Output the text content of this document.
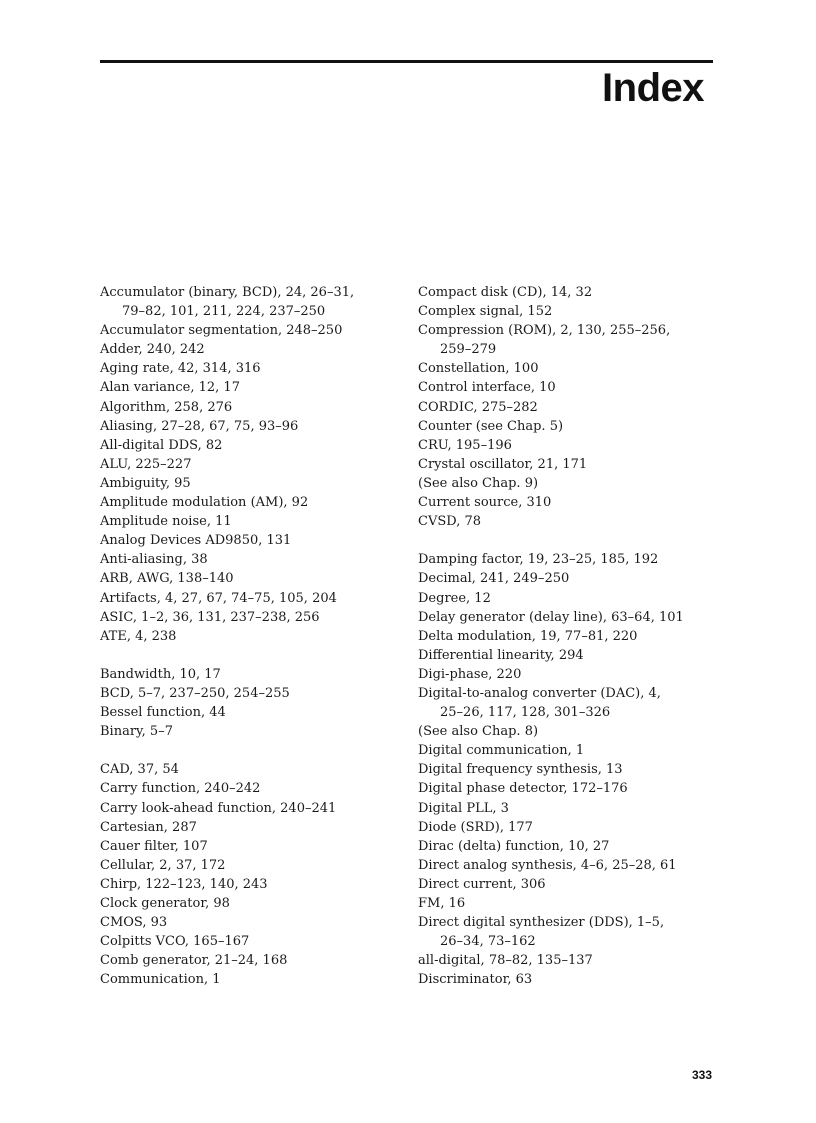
Index
Accumulator (binary, BCD), 24, 26–31,
79–82, 101, 211, 224, 237–250
Accumulator segmentation, 248–250
Adder, 240, 242
Aging rate, 42, 314, 316
Alan variance, 12, 17
Algorithm, 258, 276
Aliasing, 27–28, 67, 75, 93–96
All-digital DDS, 82
ALU, 225–227
Ambiguity, 95
Amplitude modulation (AM), 92
Amplitude noise, 11
Analog Devices AD9850, 131
Anti-aliasing, 38
ARB, AWG, 138–140
Artifacts, 4, 27, 67, 74–75, 105, 204
ASIC, 1–2, 36, 131, 237–238, 256
ATE, 4, 238
Bandwidth, 10, 17
BCD, 5–7, 237–250, 254–255
Bessel function, 44
Binary, 5–7
CAD, 37, 54
Carry function, 240–242
Carry look-ahead function, 240–241
Cartesian, 287
Cauer filter, 107
Cellular, 2, 37, 172
Chirp, 122–123, 140, 243
Clock generator, 98
CMOS, 93
Colpitts VCO, 165–167
Comb generator, 21–24, 168
Communication, 1
Compact disk (CD), 14, 32
Complex signal, 152
Compression (ROM), 2, 130, 255–256,
259–279
Constellation, 100
Control interface, 10
CORDIC, 275–282
Counter (see Chap. 5)
CRU, 195–196
Crystal oscillator, 21, 171
(See also Chap. 9)
Current source, 310
CVSD, 78
Damping factor, 19, 23–25, 185, 192
Decimal, 241, 249–250
Degree, 12
Delay generator (delay line), 63–64, 101
Delta modulation, 19, 77–81, 220
Differential linearity, 294
Digi-phase, 220
Digital-to-analog converter (DAC), 4,
25–26, 117, 128, 301–326
(See also Chap. 8)
Digital communication, 1
Digital frequency synthesis, 13
Digital phase detector, 172–176
Digital PLL, 3
Diode (SRD), 177
Dirac (delta) function, 10, 27
Direct analog synthesis, 4–6, 25–28, 61
Direct current, 306
FM, 16
Direct digital synthesizer (DDS), 1–5,
26–34, 73–162
all-digital, 78–82, 135–137
Discriminator, 63
333
